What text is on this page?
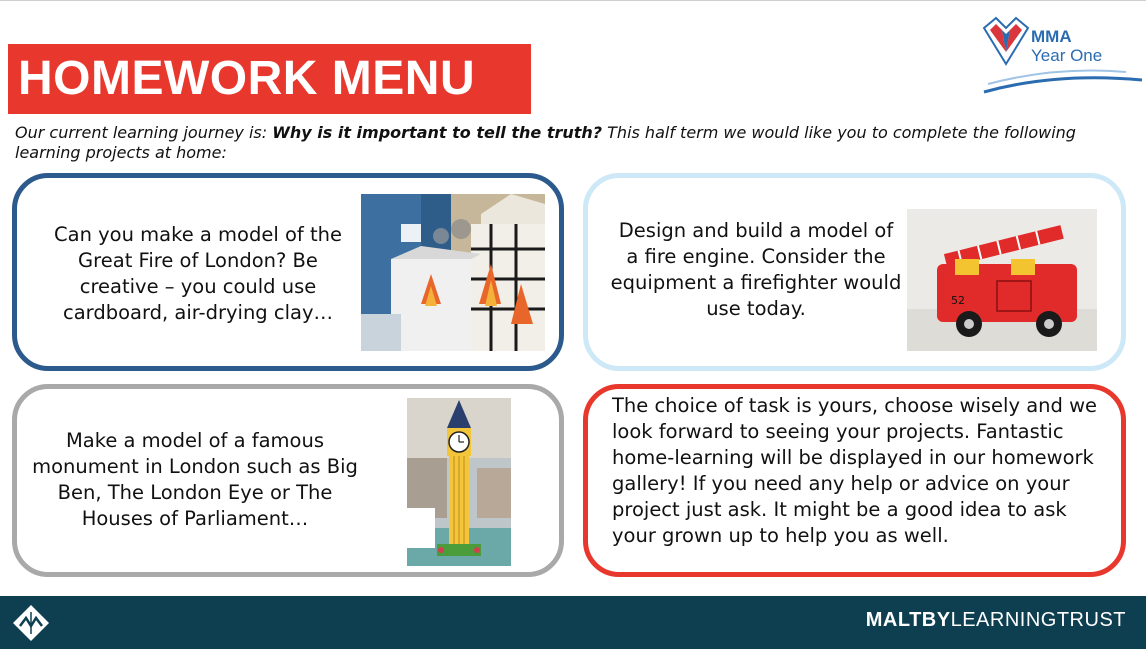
HOMEWORK MENU
MMA
Year One
Our current learning journey is: Why is it important to tell the truth? This half term we would like you to complete the following learning projects at home:
Can you make a model of the Great Fire of London? Be creative – you could use cardboard, air-drying clay…
Design and build a model of a fire engine. Consider the equipment a firefighter would use today.
Make a model of a famous monument in London such as Big Ben, The London Eye or The Houses of Parliament…
The choice of task is yours, choose wisely and we look forward to seeing your projects. Fantastic home-learning will be displayed in our homework gallery! If you need any help or advice on your project just ask. It might be a good idea to ask your grown up to help you as well.
52
MALTBYLEARNINGTRUST
